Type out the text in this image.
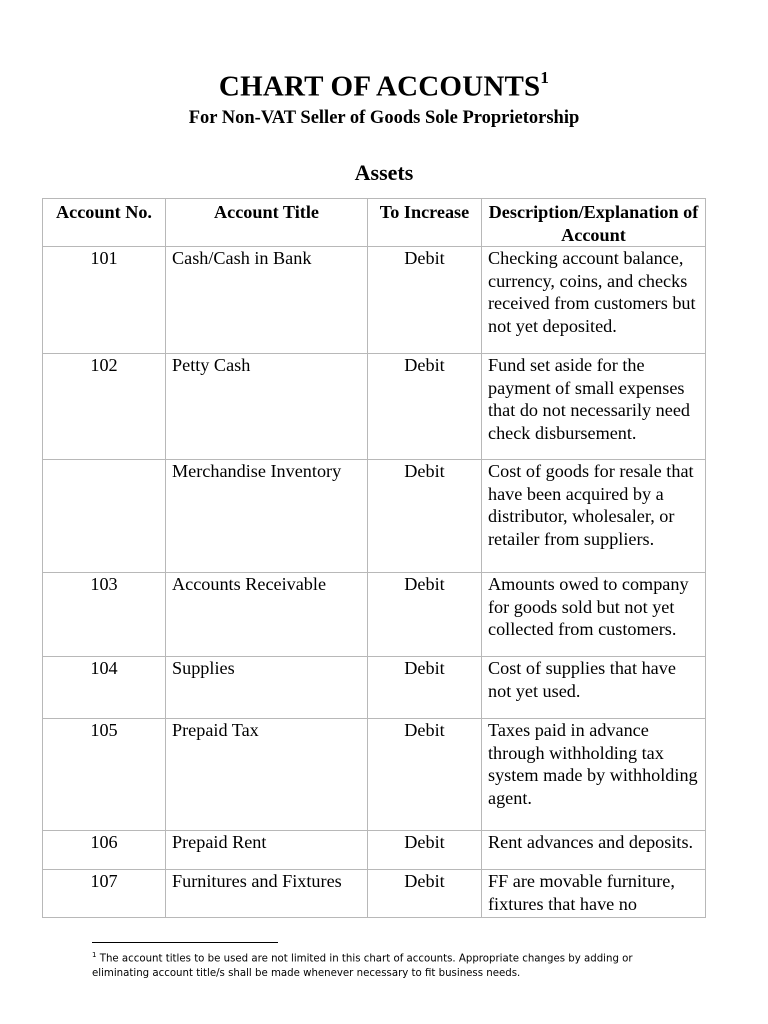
CHART OF ACCOUNTS$^1$
For Non-VAT Seller of Goods Sole Proprietorship
Assets
Account No.	Account Title	To Increase	Description/Explanation of Account
101	Cash/Cash in Bank	Debit	Checking account balance, currency, coins, and checks received from customers but not yet deposited.
102	Petty Cash	Debit	Fund set aside for the payment of small expenses that do not necessarily need check disbursement.
	Merchandise Inventory	Debit	Cost of goods for resale that have been acquired by a distributor, wholesaler, or retailer from suppliers.
103	Accounts Receivable	Debit	Amounts owed to company for goods sold but not yet collected from customers.
104	Supplies	Debit	Cost of supplies that have not yet used.
105	Prepaid Tax	Debit	Taxes paid in advance through withholding tax system made by withholding agent.
106	Prepaid Rent	Debit	Rent advances and deposits.
107	Furnitures and Fixtures	Debit	FF are movable furniture, fixtures that have no
$^1$ The account titles to be used are not limited in this chart of accounts. Appropriate changes by adding or eliminating account title/s shall be made whenever necessary to fit business needs.
